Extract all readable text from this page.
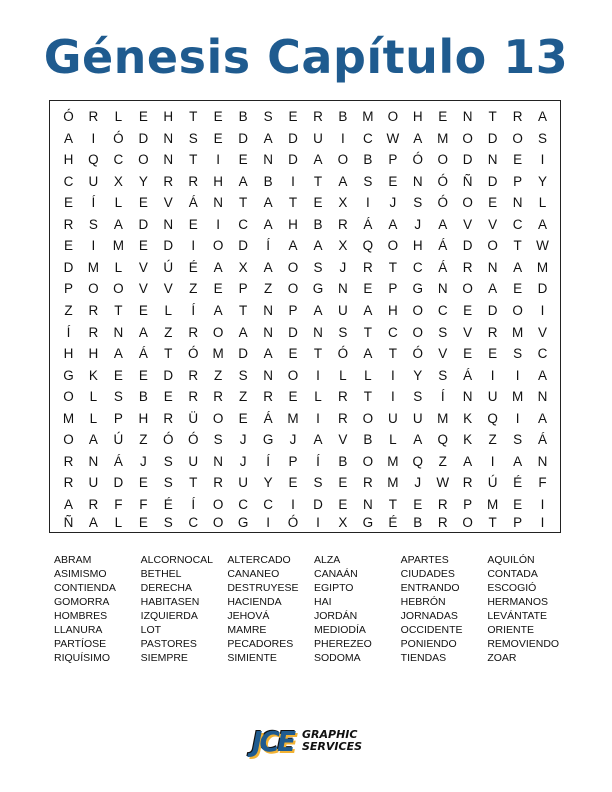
Génesis Capítulo 13
Ó	R	L	E	H	T	E	B	S	E	R	B	M	O	H	E	N	T	R	A
A	I	Ó	D	N	S	E	D	A	D	U	I	C	W	A	M	O	D	O	S
H	Q	C	O	N	T	I	E	N	D	A	O	B	P	Ó	O	D	N	E	I
C	U	X	Y	R	R	H	A	B	I	T	A	S	E	N	Ó	Ñ	D	P	Y
E	Í	L	E	V	Á	N	T	A	T	E	X	I	J	S	Ó	O	E	N	L
R	S	A	D	N	E	I	C	A	H	B	R	Á	A	J	A	V	V	C	A
E	I	M	E	D	I	O	D	Í	A	A	X	Q	O	H	Á	D	O	T	W
D	M	L	V	Ú	É	A	X	A	O	S	J	R	T	C	Á	R	N	A	M
P	O	O	V	V	Z	E	P	Z	O	G	N	E	P	G	N	O	A	E	D
Z	R	T	E	L	Í	A	T	N	P	A	U	A	H	O	C	E	D	O	I
Í	R	N	A	Z	R	O	A	N	D	N	S	T	C	O	S	V	R	M	V
H	H	A	Á	T	Ó	M	D	A	E	T	Ó	A	T	Ó	V	E	E	S	C
G	K	E	E	D	R	Z	S	N	O	I	L	L	I	Y	S	Á	I	I	A
O	L	S	B	E	R	R	Z	R	E	L	R	T	I	S	Í	N	U	M	N
M	L	P	H	R	Ü	O	E	Á	M	I	R	O	U	U	M	K	Q	I	A
O	A	Ú	Z	Ó	Ó	S	J	G	J	A	V	B	L	A	Q	K	Z	S	Á
R	N	Á	J	S	U	N	J	Í	P	Í	B	O	M	Q	Z	A	I	A	N
R	U	D	E	S	T	R	U	Y	E	S	E	R	M	J	W	R	Ú	É	F
A	R	F	F	É	Í	O	C	C	I	D	E	N	T	E	R	P	M	E	I
Ñ	A	L	E	S	C	O	G	I	Ó	I	X	G	É	B	R	O	T	P	I
ABRAM	ALCORNOCAL	ALTERCADO	ALZA	APARTES	AQUILÓN
ASIMISMO	BETHEL	CANANEO	CANAÁN	CIUDADES	CONTADA
CONTIENDA	DERECHA	DESTRUYESE	EGIPTO	ENTRANDO	ESCOGIÓ
GOMORRA	HABITASEN	HACIENDA	HAI	HEBRÓN	HERMANOS
HOMBRES	IZQUIERDA	JEHOVÁ	JORDÁN	JORNADAS	LEVÁNTATE
LLANURA	LOT	MAMRE	MEDIODÍA	OCCIDENTE	ORIENTE
PARTÍOSE	PASTORES	PECADORES	PHEREZEO	PONIENDO	REMOVIENDO
RIQUÍSIMO	SIEMPRE	SIMIENTE	SODOMA	TIENDAS	ZOAR
JCE GRAPHIC
SERVICES
